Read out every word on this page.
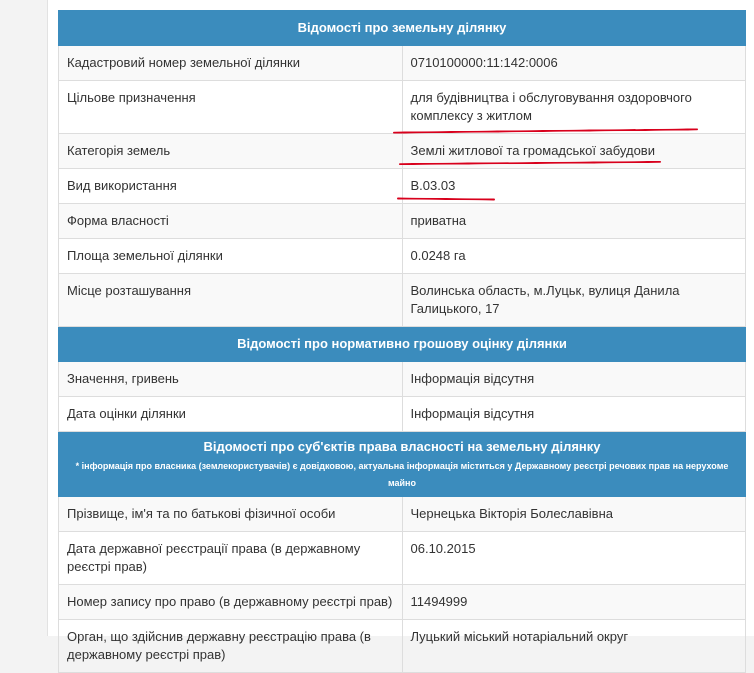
Відомості про земельну ділянку	
Кадастровий номер земельної ділянки	0710100000:11:142:0006
Цільове призначення	для будівництва і обслуговування оздоровчого комплексу з житлом

Категорія земель	Землі житлової та громадської забудови

Вид використання	В.03.03

Форма власності	приватна
Площа земельної ділянки	0.0248 га
Місце розташування	Волинська область, м.Луцьк, вулиця Данила Галицького, 17
Відомості про нормативно грошову оцінку ділянки	
Значення, гривень	Інформація відсутня
Дата оцінки ділянки	Інформація відсутня
Відомості про суб'єктів права власності на земельну ділянку
* інформація про власника (землекористувачів) є довідковою, актуальна інформація міститься у Державному реєстрі речових прав на нерухоме майно	

Прізвище, ім'я та по батькові фізичної особи	Чернецька Вікторія Болеславівна
Дата державної реєстрації права (в державному реєстрі прав)	06.10.2015
Номер запису про право (в державному реєстрі прав)	11494999
Орган, що здійснив державну реєстрацію права (в державному реєстрі прав)	Луцький міський нотаріальний округ
